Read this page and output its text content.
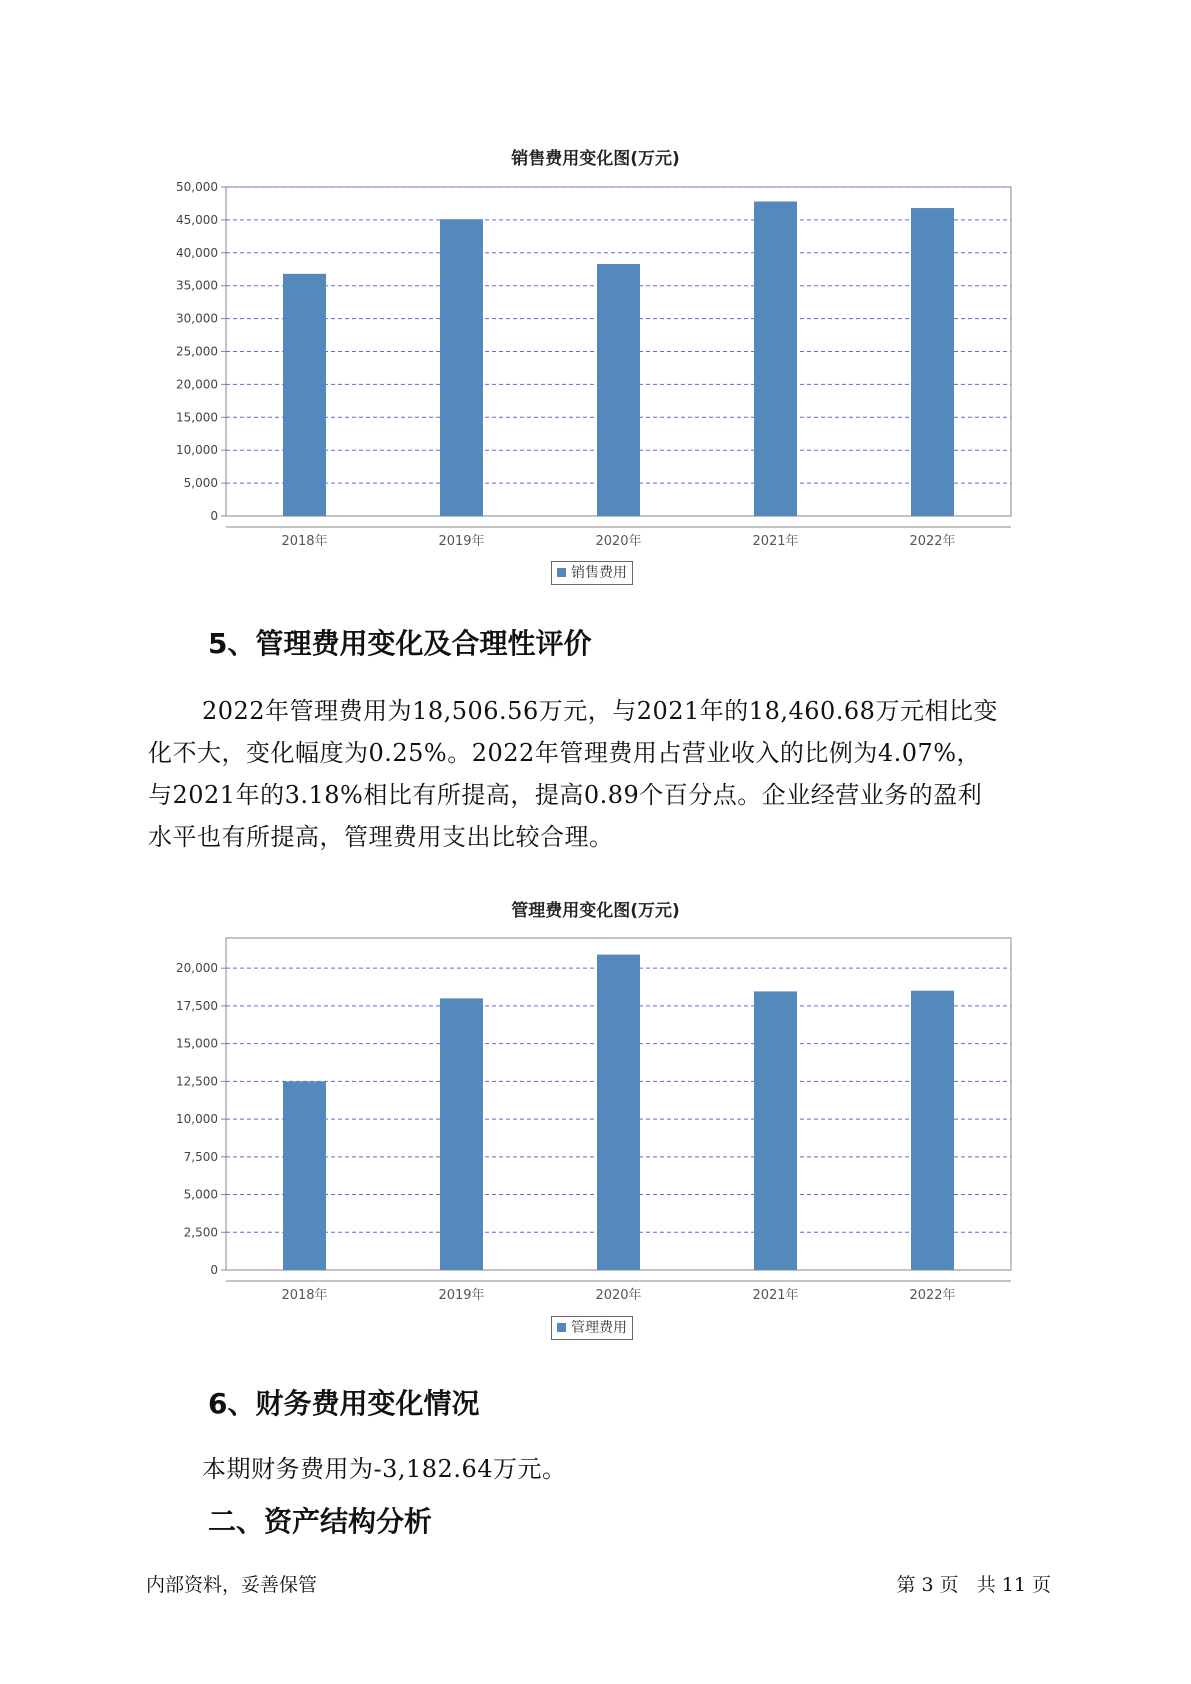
销售费用变化图(万元)
0
5,000
10,000
15,000
20,000
25,000
30,000
35,000
40,000
45,000
50,000
2018年	2019年	2020年	2021年	2022年
销售费用
5、管理费用变化及合理性评价
2022年管理费用为18,506.56万元，与2021年的18,460.68万元相比变
化不大，变化幅度为0.25%。2022年管理费用占营业收入的比例为4.07%，
与2021年的3.18%相比有所提高，提高0.89个百分点。企业经营业务的盈利
水平也有所提高，管理费用支出比较合理。
管理费用变化图(万元)
0
2,500
5,000
7,500
10,000
12,500
15,000
17,500
20,000
2018年	2019年	2020年	2021年	2022年
管理费用
6、财务费用变化情况
本期财务费用为-3,182.64万元。
二、资产结构分析
内部资料，妥善保管	第 3 页   共 11 页
